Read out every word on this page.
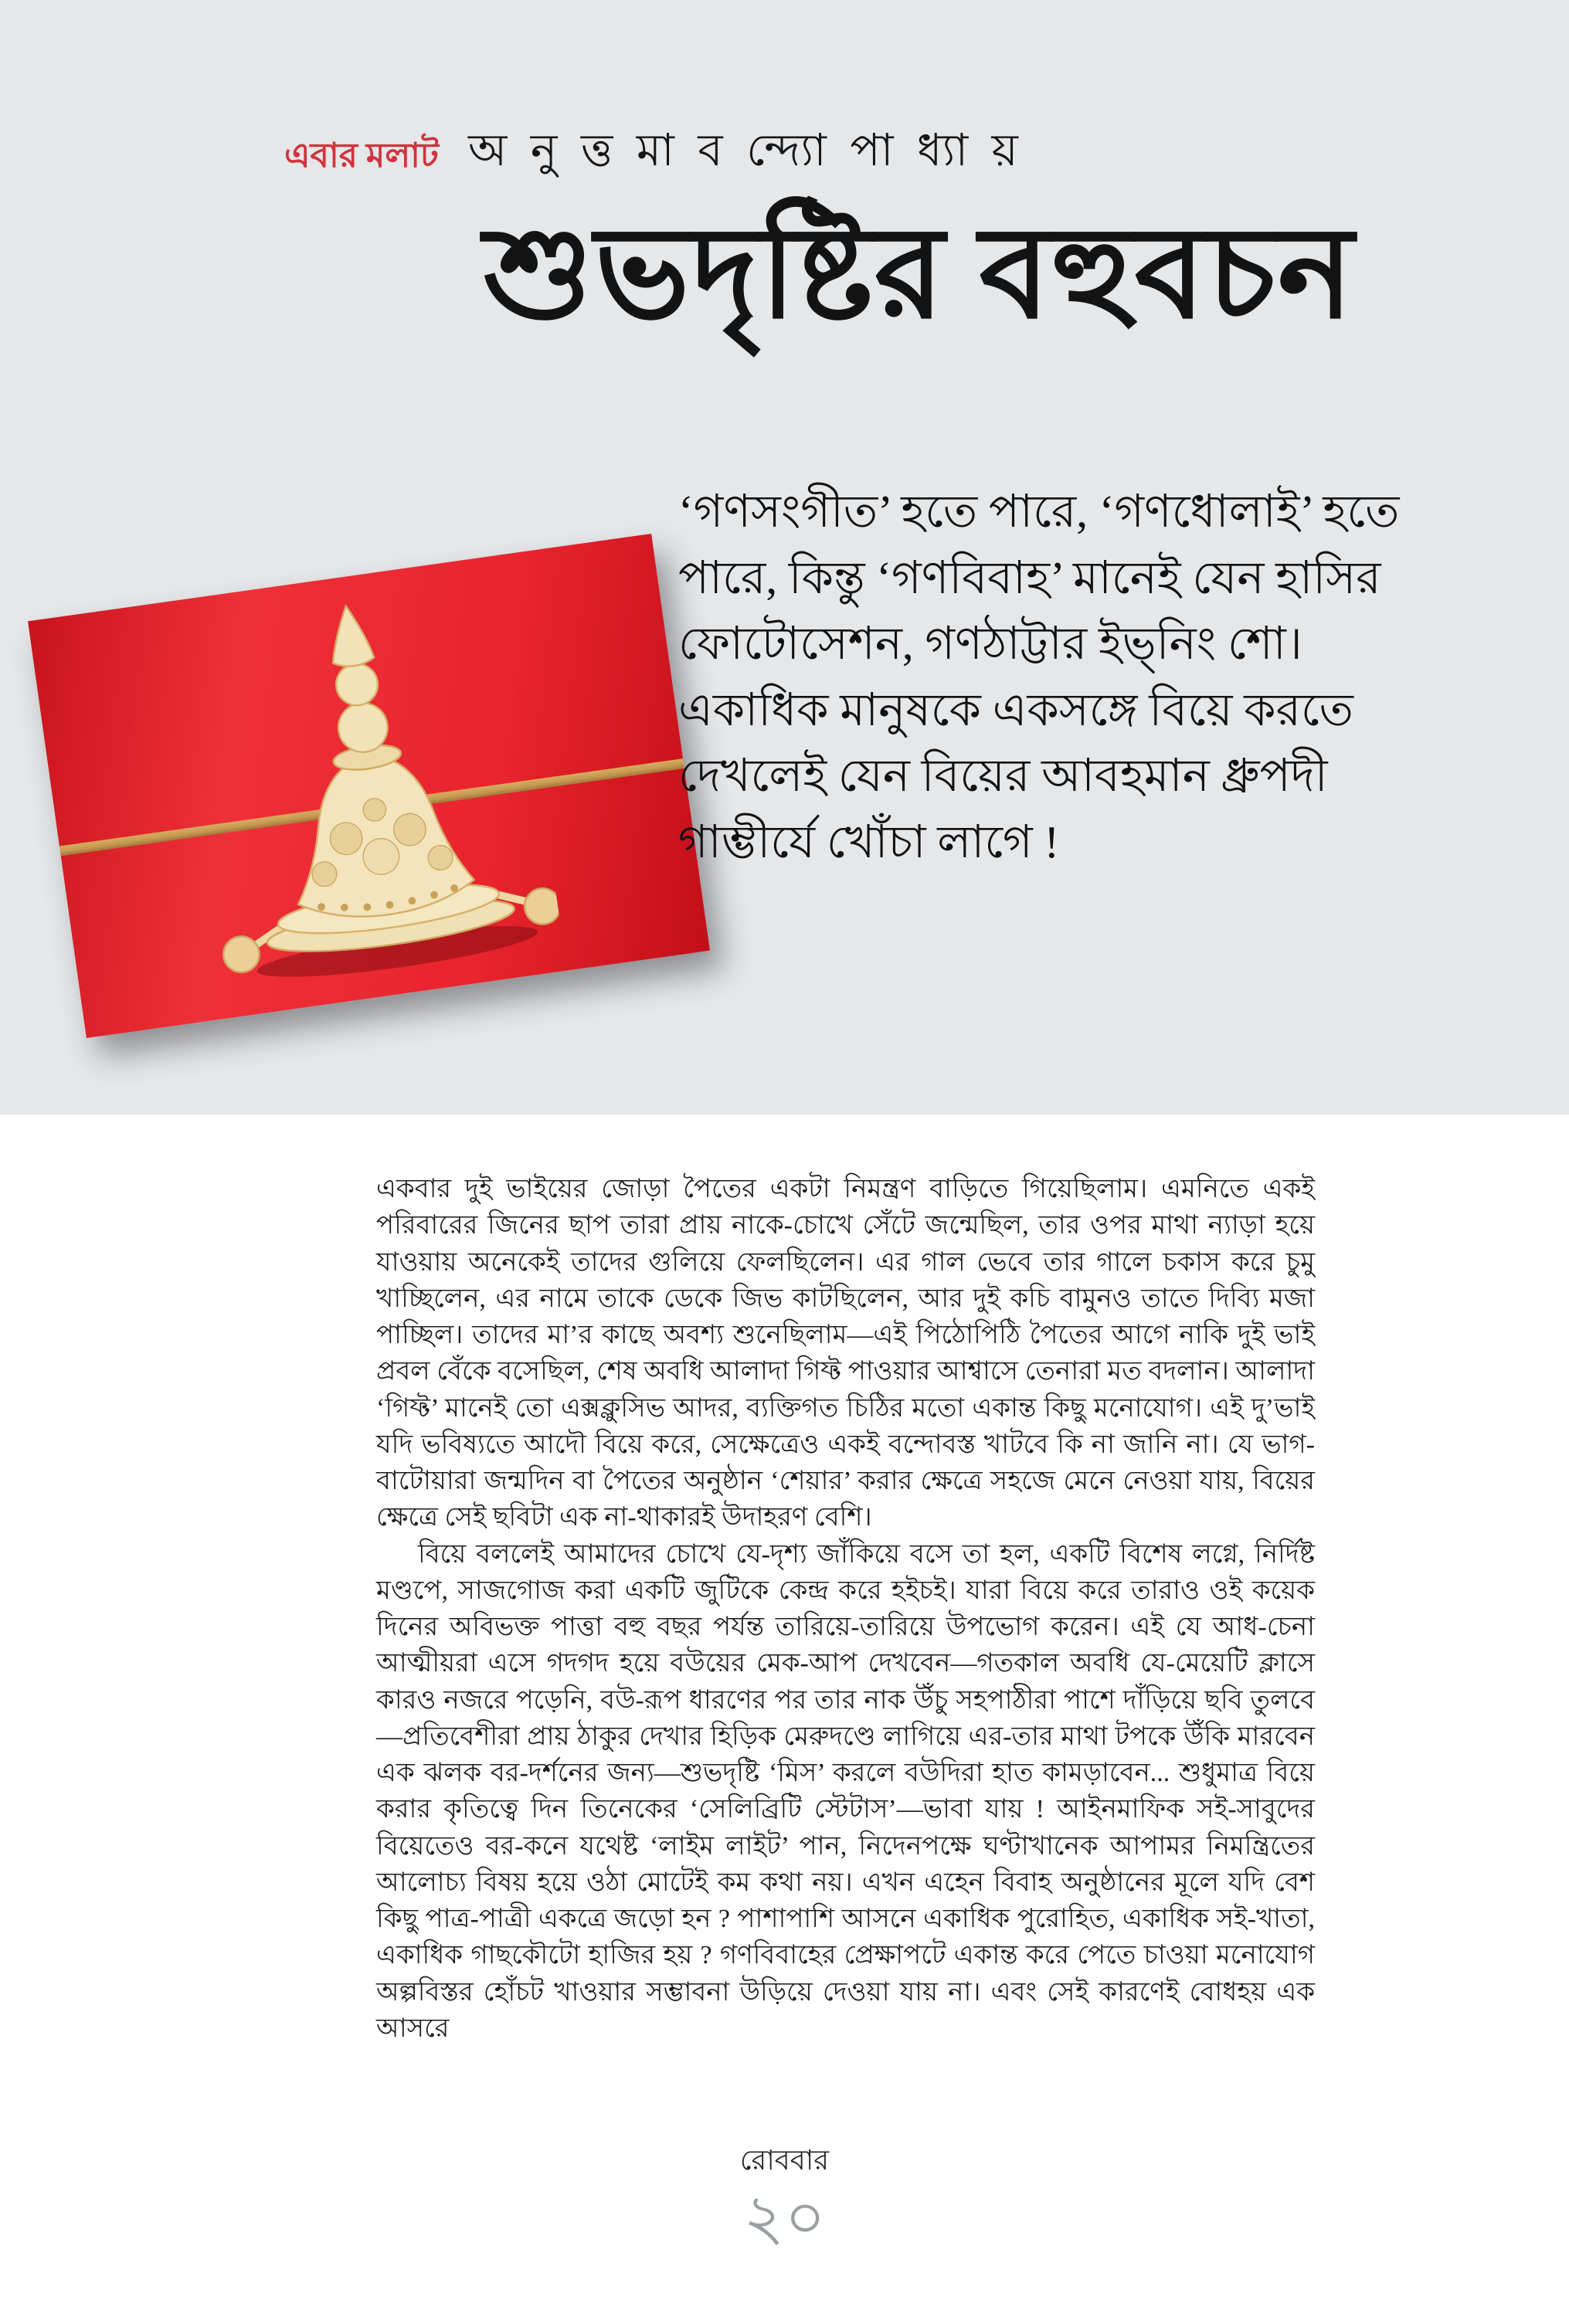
এবার মলাট অ নু ত্ত মা ব ন্দ্যো পা ধ্যা য়
শুভদৃষ্টির বহুবচন
‘গণসংগীত’ হতে পারে, ‘গণধোলাই’ হতে পারে, কিন্তু ‘গণবিবাহ’ মানেই যেন হাসির ফোটোসেশন, গণঠাট্টার ইভ্‌নিং শো। একাধিক মানুষকে একসঙ্গে বিয়ে করতে দেখলেই যেন বিয়ের আবহমান ধ্রুপদী গাম্ভীর্যে খোঁচা লাগে !

একবার দুই ভাইয়ের জোড়া পৈতের একটা নিমন্ত্রণ বাড়িতে গিয়েছিলাম। এমনিতে একই পরিবারের জিনের ছাপ তারা প্রায় নাকে-চোখে সেঁটে জন্মেছিল, তার ওপর মাথা ন্যাড়া হয়ে যাওয়ায় অনেকেই তাদের গুলিয়ে ফেলছিলেন। এর গাল ভেবে তার গালে চকাস করে চুমু খাচ্ছিলেন, এর নামে তাকে ডেকে জিভ কাটছিলেন, আর দুই কচি বামুনও তাতে দিব্যি মজা পাচ্ছিল। তাদের মা’র কাছে অবশ্য শুনেছিলাম—এই পিঠোপিঠি পৈতের আগে নাকি দুই ভাই প্রবল বেঁকে বসেছিল, শেষ অবধি আলাদা গিফ্ট পাওয়ার আশ্বাসে তেনারা মত বদলান। আলাদা ‘গিফ্ট’ মানেই তো এক্সক্লুসিভ আদর, ব্যক্তিগত চিঠির মতো একান্ত কিছু মনোযোগ। এই দু’ভাই যদি ভবিষ্যতে আদৌ বিয়ে করে, সেক্ষেত্রেও একই বন্দোবস্ত খাটবে কি না জানি না। যে ভাগ-বাটোয়ারা জন্মদিন বা পৈতের অনুষ্ঠান ‘শেয়ার’ করার ক্ষেত্রে সহজে মেনে নেওয়া যায়, বিয়ের ক্ষেত্রে সেই ছবিটা এক না-থাকারই উদাহরণ বেশি।

বিয়ে বললেই আমাদের চোখে যে-দৃশ্য জাঁকিয়ে বসে তা হল, একটি বিশেষ লগ্নে, নির্দিষ্ট মণ্ডপে, সাজগোজ করা একটি জুটিকে কেন্দ্র করে হইচই। যারা বিয়ে করে তারাও ওই কয়েক দিনের অবিভক্ত পাত্তা বহু বছর পর্যন্ত তারিয়ে-তারিয়ে উপভোগ করেন। এই যে আধ-চেনা আত্মীয়রা এসে গদগদ হয়ে বউয়ের মেক-আপ দেখবেন—গতকাল অবধি যে-মেয়েটি ক্লাসে কারও নজরে পড়েনি, বউ-রূপ ধারণের পর তার নাক উঁচু সহপাঠীরা পাশে দাঁড়িয়ে ছবি তুলবে—প্রতিবেশীরা প্রায় ঠাকুর দেখার হিড়িক মেরুদণ্ডে লাগিয়ে এর-তার মাথা টপকে উঁকি মারবেন এক ঝলক বর-দর্শনের জন্য—শুভদৃষ্টি ‘মিস’ করলে বউদিরা হাত কামড়াবেন... শুধুমাত্র বিয়ে করার কৃতিত্বে দিন তিনেকের ‘সেলিব্রিটি স্টেটাস’—ভাবা যায় ! আইনমাফিক সই-সাবুদের বিয়েতেও বর-কনে যথেষ্ট ‘লাইম লাইট’ পান, নিদেনপক্ষে ঘণ্টাখানেক আপামর নিমন্ত্রিতের আলোচ্য বিষয় হয়ে ওঠা মোটেই কম কথা নয়। এখন এহেন বিবাহ অনুষ্ঠানের মূলে যদি বেশ কিছু পাত্র-পাত্রী একত্রে জড়ো হন ? পাশাপাশি আসনে একাধিক পুরোহিত, একাধিক সই-খাতা, একাধিক গাছকৌটো হাজির হয় ? গণবিবাহের প্রেক্ষাপটে একান্ত করে পেতে চাওয়া মনোযোগ অল্পবিস্তর হোঁচট খাওয়ার সম্ভাবনা উড়িয়ে দেওয়া যায় না। এবং সেই কারণেই বোধহয় এক আসরে

রোববার
২০
